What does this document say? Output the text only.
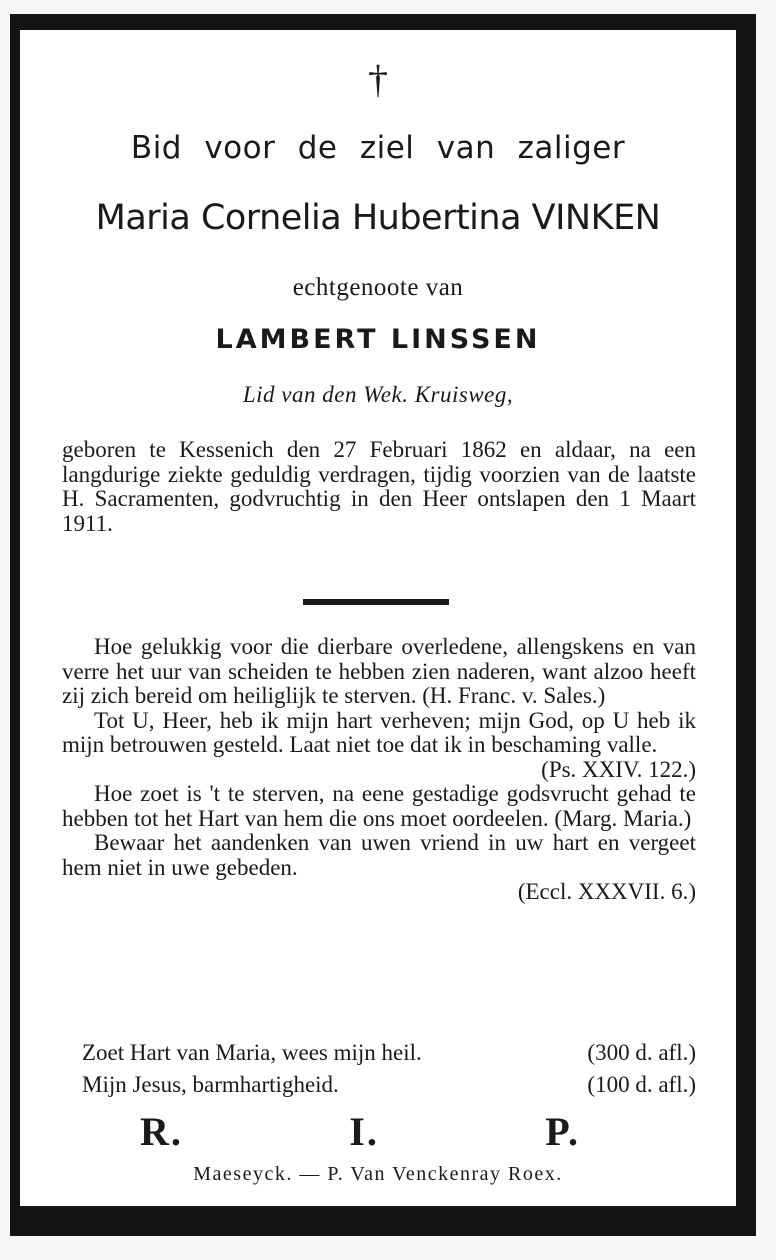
†
Bid voor de ziel van zaliger
Maria Cornelia Hubertina VINKEN
echtgenoote van
LAMBERT LINSSEN
Lid van den Wek. Kruisweg,
geboren te Kessenich den 27 Februari 1862 en aldaar, na een langdurige ziekte geduldig verdragen, tijdig voorzien van de laatste H. Sacramenten, godvruchtig in den Heer ontslapen den 1 Maart 1911.

Hoe gelukkig voor die dierbare overledene, allengskens en van verre het uur van scheiden te hebben zien naderen, want alzoo heeft zij zich bereid om heiliglijk te sterven. (H. Franc. v. Sales.)

Tot U, Heer, heb ik mijn hart verheven; mijn God, op U heb ik mijn betrouwen gesteld. Laat niet toe dat ik in beschaming valle.

(Ps. XXIV. 122.)

Hoe zoet is 't te sterven, na eene gestadige godsvrucht gehad te hebben tot het Hart van hem die ons moet oordeelen. (Marg. Maria.)

Bewaar het aandenken van uwen vriend in uw hart en vergeet hem niet in uwe gebeden.

(Eccl. XXXVII. 6.)

Zoet Hart van Maria, wees mijn heil.	(300 d. afl.)
Mijn Jesus, barmhartigheid.	(100 d. afl.)
R.	I.	P.
Maeseyck. — P. Van Venckenray Roex.
